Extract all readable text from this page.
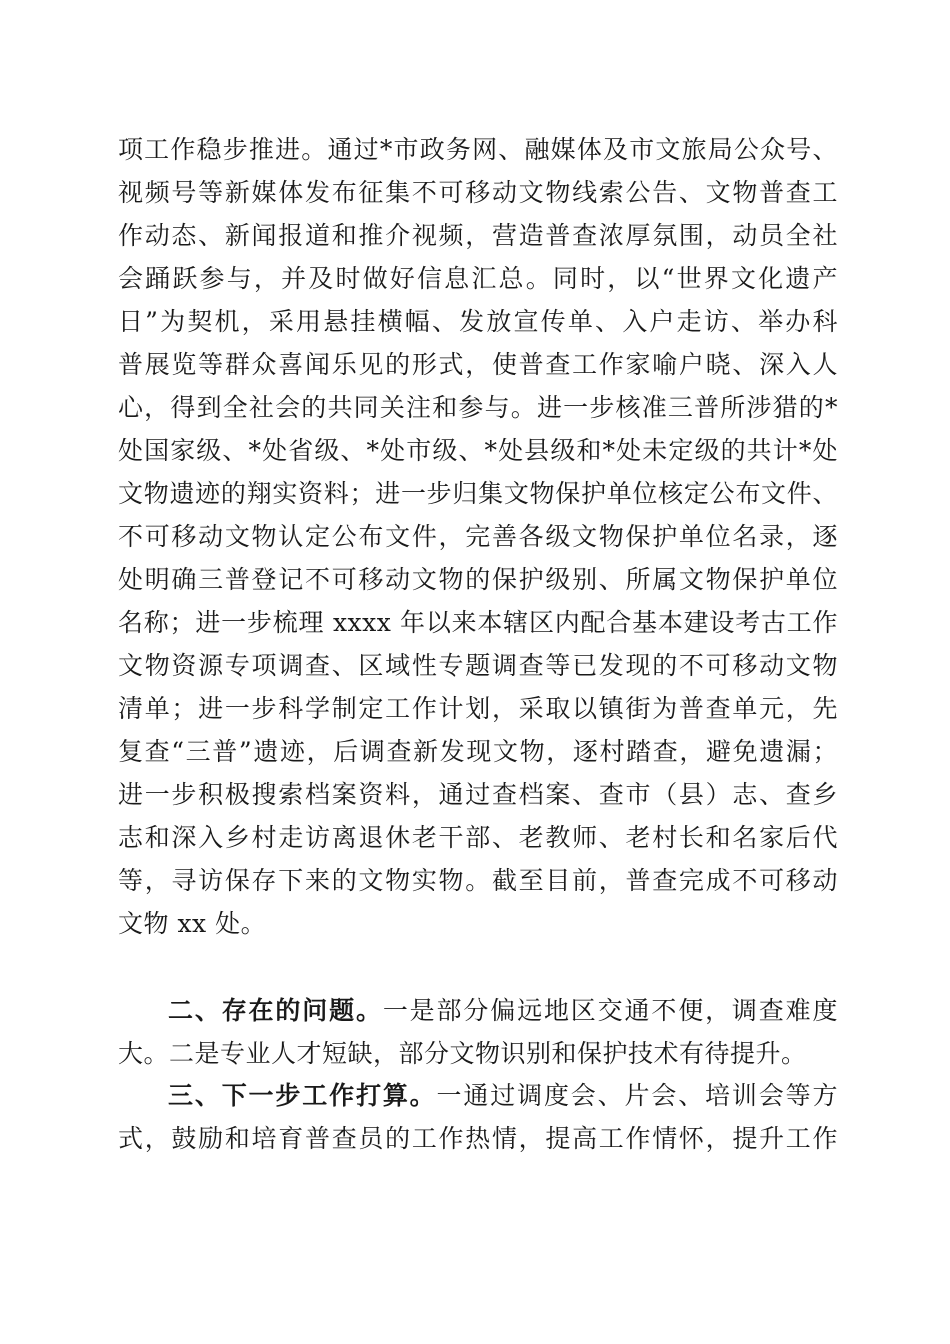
项工作稳步推进。通过*市政务网、融媒体及市文旅局公众号、
视频号等新媒体发布征集不可移动文物线索公告、文物普查工
作动态、新闻报道和推介视频，营造普查浓厚氛围，动员全社
会踊跃参与，并及时做好信息汇总。同时，以“世界文化遗产
日”为契机，采用悬挂横幅、发放宣传单、入户走访、举办科
普展览等群众喜闻乐见的形式，使普查工作家喻户晓、深入人
心，得到全社会的共同关注和参与。进一步核准三普所涉猎的*
处国家级、*处省级、*处市级、*处县级和*处未定级的共计*处
文物遗迹的翔实资料；进一步归集文物保护单位核定公布文件、
不可移动文物认定公布文件，完善各级文物保护单位名录，逐
处明确三普登记不可移动文物的保护级别、所属文物保护单位
名称；进一步梳理 xxxx 年以来本辖区内配合基本建设考古工作
文物资源专项调查、区域性专题调查等已发现的不可移动文物
清单；进一步科学制定工作计划，采取以镇街为普查单元，先
复查“三普”遗迹，后调查新发现文物，逐村踏查，避免遗漏；
进一步积极搜索档案资料，通过查档案、查市（县）志、查乡
志和深入乡村走访离退休老干部、老教师、老村长和名家后代
等，寻访保存下来的文物实物。截至目前，普查完成不可移动
文物 xx 处。
二、存在的问题。一是部分偏远地区交通不便，调查难度
大。二是专业人才短缺，部分文物识别和保护技术有待提升。
三、下一步工作打算。一通过调度会、片会、培训会等方
式，鼓励和培育普查员的工作热情，提高工作情怀，提升工作
